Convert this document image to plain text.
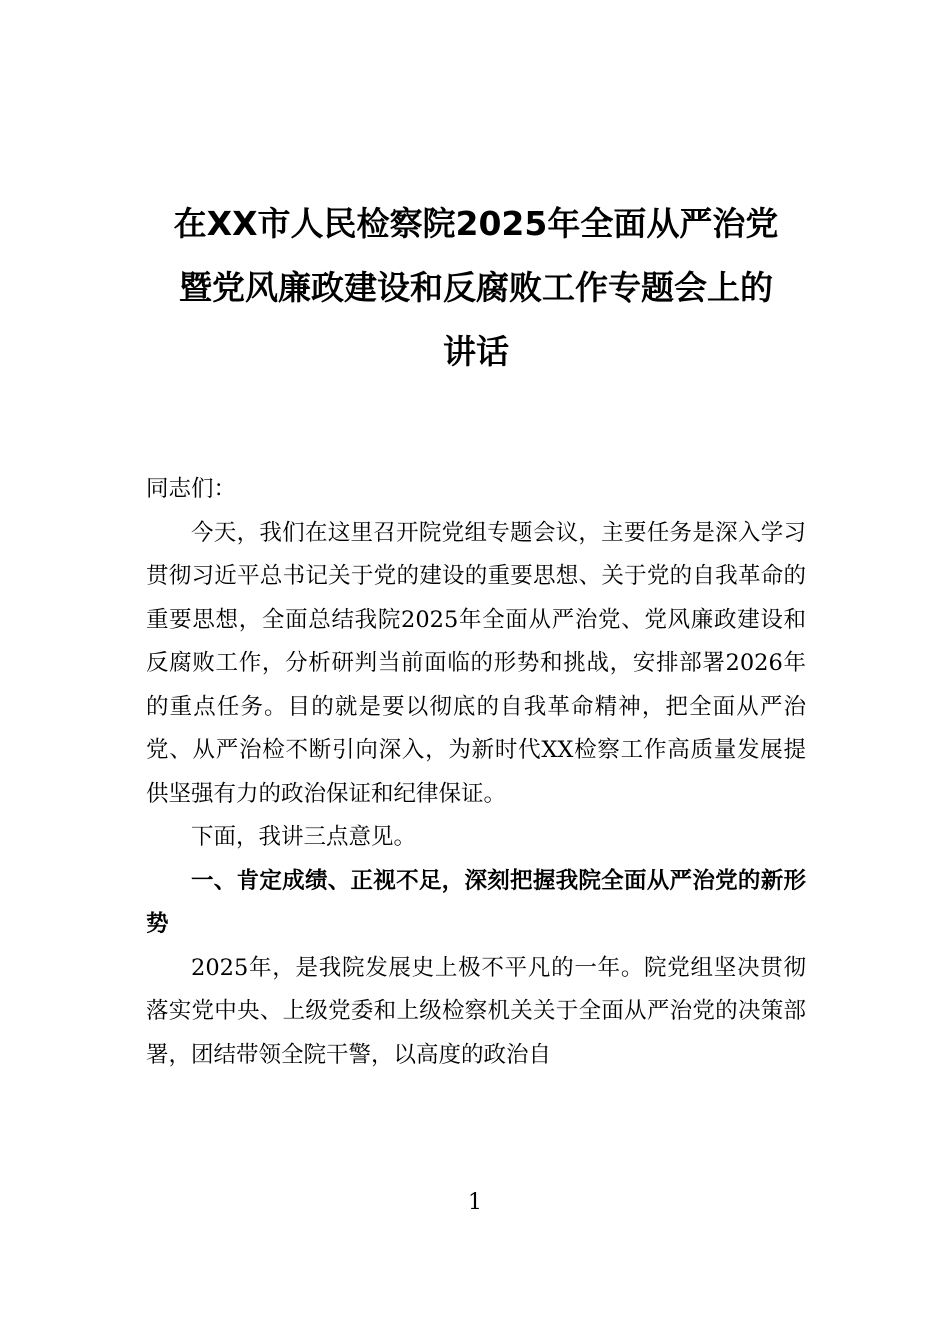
在XX市人民检察院2025年全面从严治党
暨党风廉政建设和反腐败工作专题会上的
讲话

同志们：

今天，我们在这里召开院党组专题会议，主要任务是深入学习贯彻习近平总书记关于党的建设的重要思想、关于党的自我革命的重要思想，全面总结我院2025年全面从严治党、党风廉政建设和反腐败工作，分析研判当前面临的形势和挑战，安排部署2026年的重点任务。目的就是要以彻底的自我革命精神，把全面从严治党、从严治检不断引向深入，为新时代XX检察工作高质量发展提供坚强有力的政治保证和纪律保证。

下面，我讲三点意见。

一、肯定成绩、正视不足，深刻把握我院全面从严治党的新形势

2025年，是我院发展史上极不平凡的一年。院党组坚决贯彻落实党中央、上级党委和上级检察机关关于全面从严治党的决策部署，团结带领全院干警，以高度的政治自

1
